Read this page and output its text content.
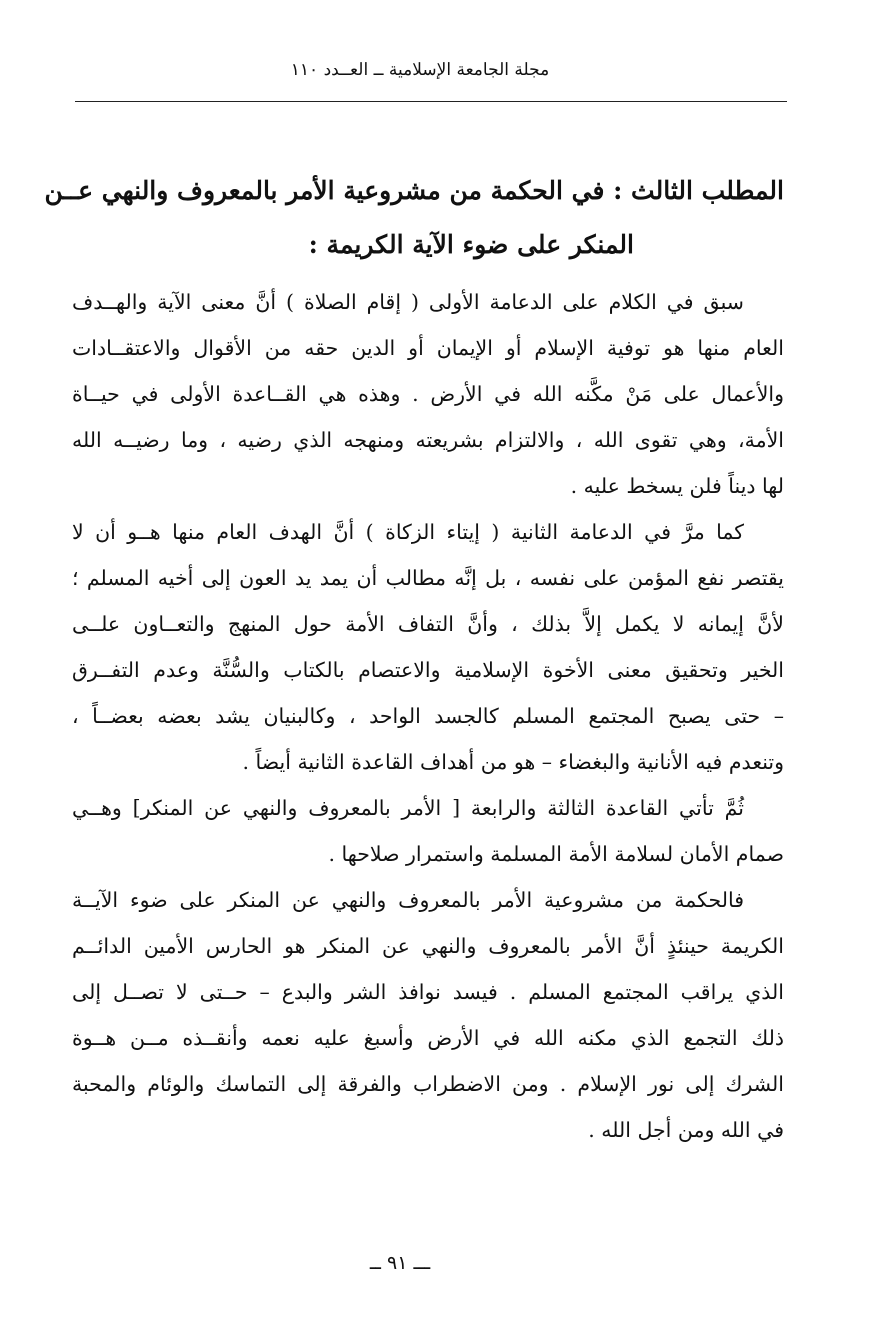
مجلة الجامعة الإسلامية ــ العــدد ١١٠
المطلب الثالث : في الحكمة من مشروعية الأمر بالمعروف والنهي عــن
المنكر على ضوء الآية الكريمة :
سبق في الكلام على الدعامة الأولى ( إقام الصلاة ) أنَّ معنى الآية والهــدف
العام منها هو توفية الإسلام أو الإيمان أو الدين حقه من الأقوال والاعتقــادات
والأعمال على مَنْ مكَّنه الله في الأرض . وهذه هي القــاعدة الأولى في حيــاة
الأمة، وهي تقوى الله ، والالتزام بشريعته ومنهجه الذي رضيه ، وما رضيــه الله
لها ديناً فلن يسخط عليه .
كما مرَّ في الدعامة الثانية ( إيتاء الزكاة ) أنَّ الهدف العام منها هــو أن لا
يقتصر نفع المؤمن على نفسه ، بل إنَّه مطالب أن يمد يد العون إلى أخيه المسلم ؛
لأنَّ إيمانه لا يكمل إلاَّ بذلك ، وأنَّ التفاف الأمة حول المنهج والتعــاون علــى
الخير وتحقيق معنى الأخوة الإسلامية والاعتصام بالكتاب والسُّنَّة وعدم التفــرق
– حتى يصبح المجتمع المسلم كالجسد الواحد ، وكالبنيان يشد بعضه بعضــاً ،
وتنعدم فيه الأنانية والبغضاء – هو من أهداف القاعدة الثانية أيضاً .
ثُمَّ تأتي القاعدة الثالثة والرابعة [ الأمر بالمعروف والنهي عن المنكر] وهــي
صمام الأمان لسلامة الأمة المسلمة واستمرار صلاحها .
فالحكمة من مشروعية الأمر بالمعروف والنهي عن المنكر على ضوء الآيــة
الكريمة حينئذٍ أنَّ الأمر بالمعروف والنهي عن المنكر هو الحارس الأمين الدائــم
الذي يراقب المجتمع المسلم . فيسد نوافذ الشر والبدع – حــتى لا تصــل إلى
ذلك التجمع الذي مكنه الله في الأرض وأسبغ عليه نعمه وأنقــذه مــن هــوة
الشرك إلى نور الإسلام . ومن الاضطراب والفرقة إلى التماسك والوئام والمحبة
في الله ومن أجل الله .
ـــ ٩١ ــ
